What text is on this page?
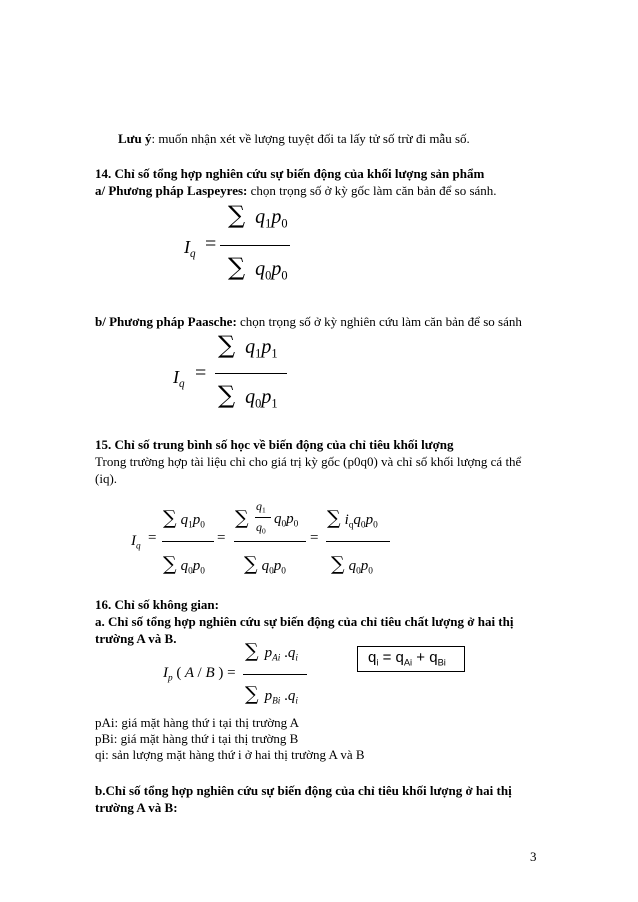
Lưu ý: muốn nhận xét về lượng tuyệt đối ta lấy tử số trừ đi mẫu số.
14. Chỉ số tổng hợp nghiên cứu sự biến động của khối lượng sản phẩm
a/ Phương pháp Laspeyres: chọn trọng số ở kỳ gốc làm căn bản để so sánh.
$I_q$ =
∑ $q_1p_0$
∑ $q_0p_0$
b/ Phương pháp Paasche: chọn trọng số ở kỳ nghiên cứu làm căn bản để so sánh
$I_q$ =
∑ $q_1p_1$
∑ $q_0p_1$
15. Chỉ số trung bình số học về biến động của chỉ tiêu khối lượng
Trong trường hợp tài liệu chỉ cho giá trị kỳ gốc (p0q0) và chỉ số khối lượng cá thể
(iq).
$I_q$
=
∑ $q_1p_0$
∑ $q_0p_0$
=
∑
$q_1$
$q_0$
$q_0p_0$
∑ $q_0p_0$
=
∑ $i_qq_0p_0$
∑ $q_0p_0$
16. Chỉ số không gian:
a. Chỉ số tổng hợp nghiên cứu sự biến động của chỉ tiêu chất lượng ở hai thị
trường A và B.
$I_p$ ( A / B ) =
∑ $p_{Ai}$ $.q_i$
∑ $p_{Bi}$ $.q_i$
$q_i = q_{Ai} + q_{Bi}$
pAi: giá mặt hàng thứ i tại thị trường A
pBi: giá mặt hàng thứ i tại thị trường B
qi: sản lượng mặt hàng thứ i ở hai thị trường A và B
b.Chỉ số tổng hợp nghiên cứu sự biến động của chỉ tiêu khối lượng ở hai thị
trường A và B:
3
